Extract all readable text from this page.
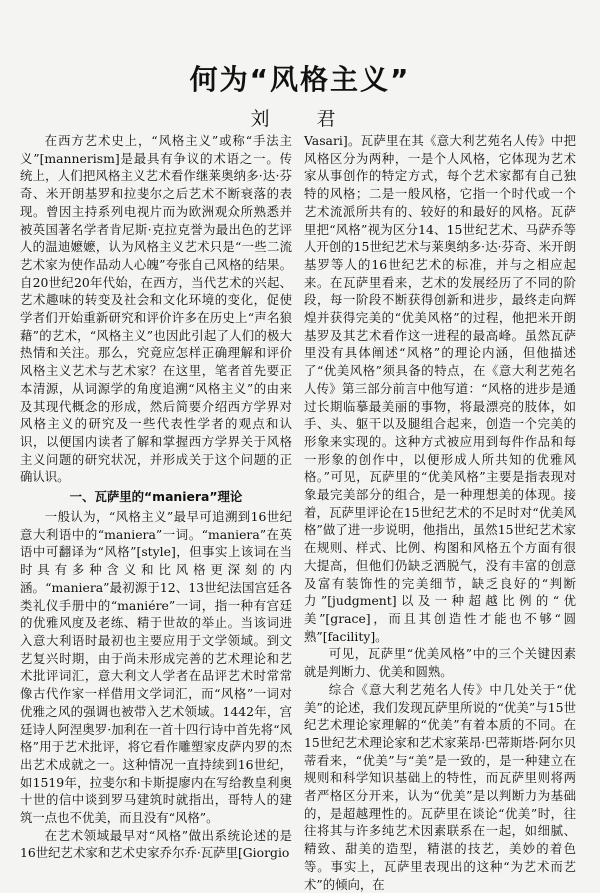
何为“风格主义”
刘　君

在西方艺术史上，“风格主义”或称“手法主义”[mannerism]是最具有争议的术语之一。传统上，人们把风格主义艺术看作继莱奥纳多·达·芬奇、米开朗基罗和拉斐尔之后艺术不断衰落的表现。曾因主持系列电视片而为欧洲观众所熟悉并被英国著名学者肯尼斯·克拉克誉为最出色的艺评人的温迪嬷嬷，认为风格主义艺术只是“一些二流艺术家为使作品动人心魄”夸张自己风格的结果。自20世纪20年代始，在西方，当代艺术的兴起、艺术趣味的转变及社会和文化环境的变化，促使学者们开始重新研究和评价许多在历史上“声名狼藉”的艺术，“风格主义”也因此引起了人们的极大热情和关注。那么，究竟应怎样正确理解和评价风格主义艺术与艺术家？在这里，笔者首先要正本清源，从词源学的角度追溯“风格主义”的由来及其现代概念的形成，然后简要介绍西方学界对风格主义的研究及一些代表性学者的观点和认识，以便国内读者了解和掌握西方学界关于风格主义问题的研究状况，并形成关于这个问题的正确认识。

一、瓦萨里的“maniera”理论

一般认为，“风格主义”最早可追溯到16世纪意大利语中的“maniera”一词。“maniera”在英语中可翻译为“风格”[style]，但事实上该词在当时具有多种含义和比风格更深刻的内涵。“maniera”最初源于12、13世纪法国宫廷各类礼仪手册中的“maniére”一词，指一种有宫廷的优雅风度及老练、精于世故的举止。当该词进入意大利语时最初也主要应用于文学领域。到文艺复兴时期，由于尚未形成完善的艺术理论和艺术批评词汇，意大利文人学者在品评艺术时常常像古代作家一样借用文学词汇，而“风格”一词对优雅之风的强调也被带入艺术领域。1442年，宫廷诗人阿涅奥罗·加利在一首十四行诗中首先将“风格”用于艺术批评，将它看作雕塑家皮萨内罗的杰出艺术成就之一。这种情况一直持续到16世纪，如1519年，拉斐尔和卡斯提廖内在写给教皇利奥十世的信中谈到罗马建筑时就指出，哥特人的建筑一点也不优美，而且没有“风格”。

在艺术领域最早对“风格”做出系统论述的是16世纪艺术家和艺术史家乔尔乔·瓦萨里[Giorgio

Vasari]。瓦萨里在其《意大利艺苑名人传》中把风格区分为两种，一是个人风格，它体现为艺术家从事创作的特定方式，每个艺术家都有自己独特的风格；二是一般风格，它指一个时代或一个艺术流派所共有的、较好的和最好的风格。瓦萨里把“风格”视为区分14、15世纪艺术、马萨乔等人开创的15世纪艺术与莱奥纳多·达·芬奇、米开朗基罗等人的16世纪艺术的标准，并与之相应起来。在瓦萨里看来，艺术的发展经历了不同的阶段，每一阶段不断获得创新和进步，最终走向辉煌并获得完美的“优美风格”的过程，他把米开朗基罗及其艺术看作这一进程的最高峰。虽然瓦萨里没有具体阐述“风格”的理论内涵，但他描述了“优美风格”须具备的特点，在《意大利艺苑名人传》第三部分前言中他写道：“风格的进步是通过长期临摹最美丽的事物，将最漂亮的肢体，如手、头、躯干以及腿组合起来，创造一个完美的形象来实现的。这种方式被应用到每件作品和每一形象的创作中，以便形成人所共知的优雅风格。”可见，瓦萨里的“优美风格”主要是指表现对象最完美部分的组合，是一种理想美的体现。接着，瓦萨里评论在15世纪艺术的不足时对“优美风格”做了进一步说明，他指出，虽然15世纪艺术家在规则、样式、比例、构图和风格五个方面有很大提高，但他们仍缺乏洒脱气，没有丰富的创意及富有装饰性的完美细节，缺乏良好的“判断力”[judgment]以及一种超越比例的“优美”[grace]，而且其创造性才能也不够“圆熟”[facility]。

可见，瓦萨里“优美风格”中的三个关键因素就是判断力、优美和圆熟。

综合《意大利艺苑名人传》中几处关于“优美”的论述，我们发现瓦萨里所说的“优美”与15世纪艺术理论家理解的“优美”有着本质的不同。在15世纪艺术理论家和艺术家莱昂·巴蒂斯塔·阿尔贝蒂看来，“优美”与“美”是一致的，是一种建立在规则和科学知识基础上的特性，而瓦萨里则将两者严格区分开来，认为“优美”是以判断力为基础的，是超越理性的。瓦萨里在谈论“优美”时，往往将其与许多纯艺术因素联系在一起，如细腻、精致、甜美的造型，精湛的技艺，美妙的着色等。事实上，瓦萨里表现出的这种“为艺术而艺术”的倾向，在
